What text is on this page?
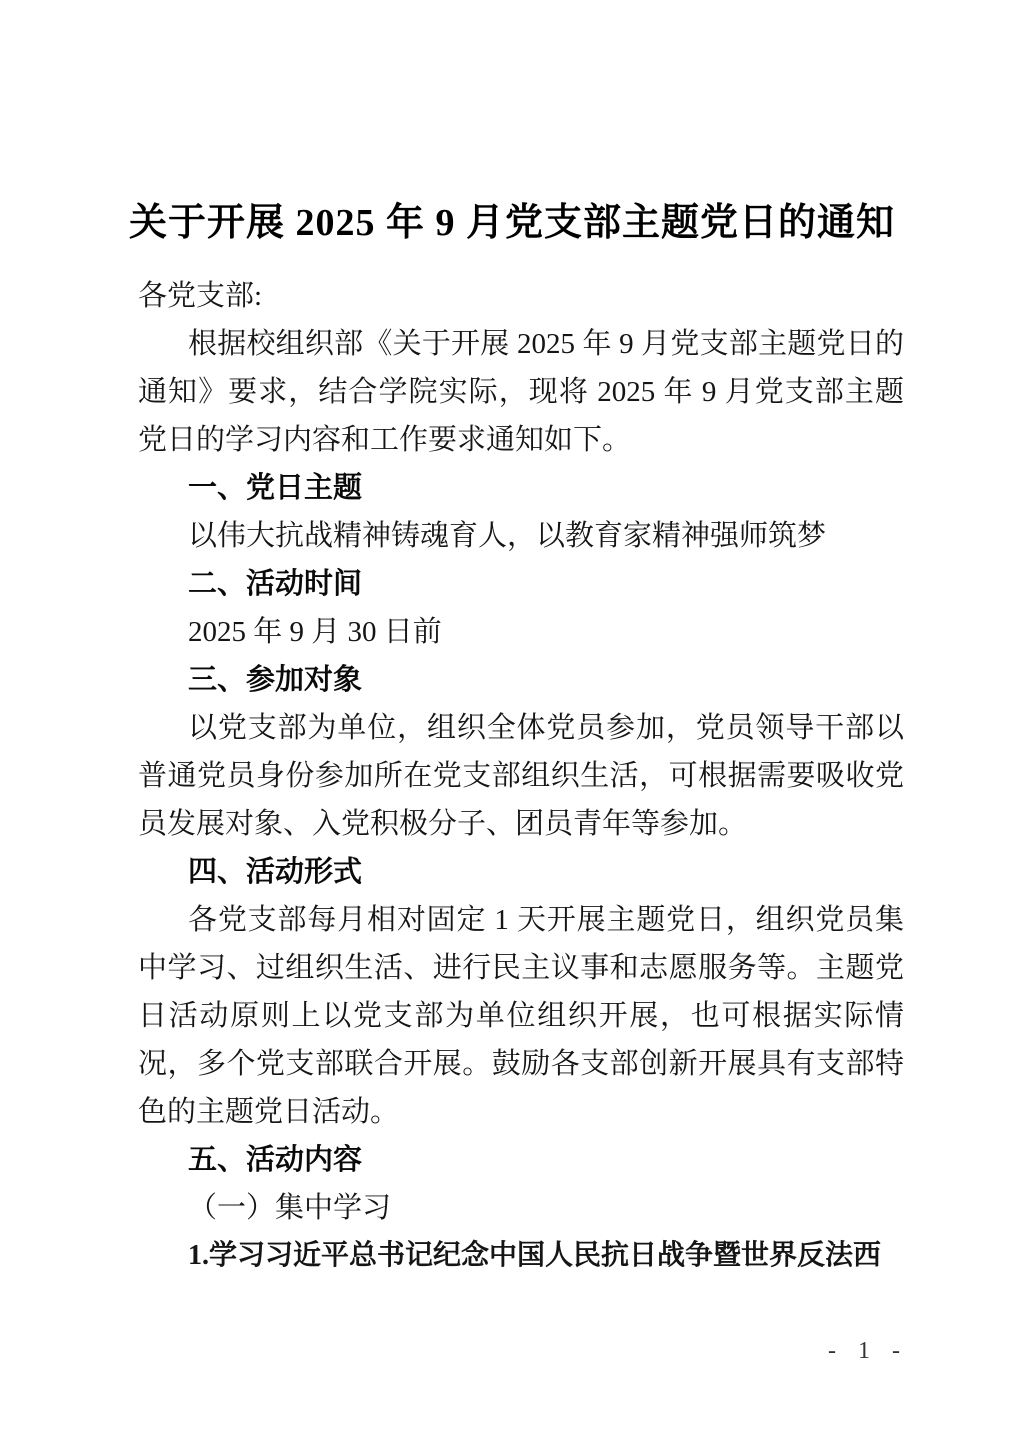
关于开展 2025 年 9 月党支部主题党日的通知

各党支部:

根据校组织部《关于开展 2025 年 9 月党支部主题党日的通知》要求，结合学院实际，现将 2025 年 9 月党支部主题党日的学习内容和工作要求通知如下。

一、党日主题

以伟大抗战精神铸魂育人，以教育家精神强师筑梦

二、活动时间

2025 年 9 月 30 日前

三、参加对象

以党支部为单位，组织全体党员参加，党员领导干部以普通党员身份参加所在党支部组织生活，可根据需要吸收党员发展对象、入党积极分子、团员青年等参加。

四、活动形式

各党支部每月相对固定 1 天开展主题党日，组织党员集中学习、过组织生活、进行民主议事和志愿服务等。主题党日活动原则上以党支部为单位组织开展，也可根据实际情况，多个党支部联合开展。鼓励各支部创新开展具有支部特色的主题党日活动。

五、活动内容

（一）集中学习

1.学习习近平总书记纪念中国人民抗日战争暨世界反法西

- 1 -
